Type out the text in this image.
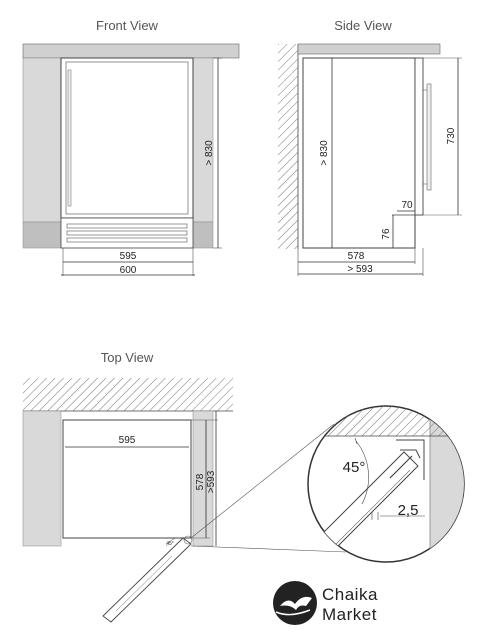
Front View
> 830
595
600
Side View
> 830
730
70
76
578
> 593
Top View
595
578 >593
45°
45°
2,5
Chaika
Market
